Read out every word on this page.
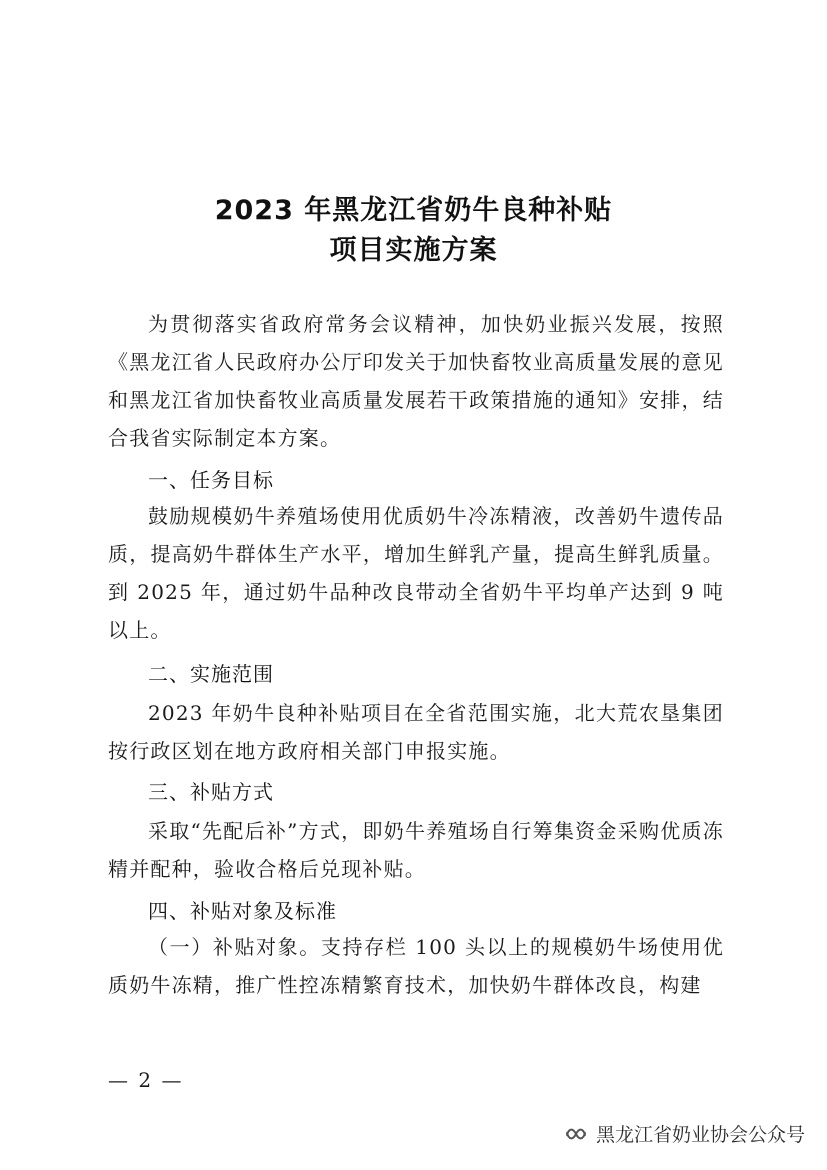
2023 年黑龙江省奶牛良种补贴
项目实施方案
为贯彻落实省政府常务会议精神，加快奶业振兴发展，按照《黑龙江省人民政府办公厅印发关于加快畜牧业高质量发展的意见和黑龙江省加快畜牧业高质量发展若干政策措施的通知》安排，结合我省实际制定本方案。
一、任务目标
鼓励规模奶牛养殖场使用优质奶牛冷冻精液，改善奶牛遗传品质，提高奶牛群体生产水平，增加生鲜乳产量，提高生鲜乳质量。到 2025 年，通过奶牛品种改良带动全省奶牛平均单产达到 9 吨以上。
二、实施范围
2023 年奶牛良种补贴项目在全省范围实施，北大荒农垦集团按行政区划在地方政府相关部门申报实施。
三、补贴方式
采取“先配后补”方式，即奶牛养殖场自行筹集资金采购优质冻精并配种，验收合格后兑现补贴。
四、补贴对象及标准
（一）补贴对象。支持存栏 100 头以上的规模奶牛场使用优质奶牛冻精，推广性控冻精繁育技术，加快奶牛群体改良，构建
— 2 —
黑龙江省奶业协会公众号
